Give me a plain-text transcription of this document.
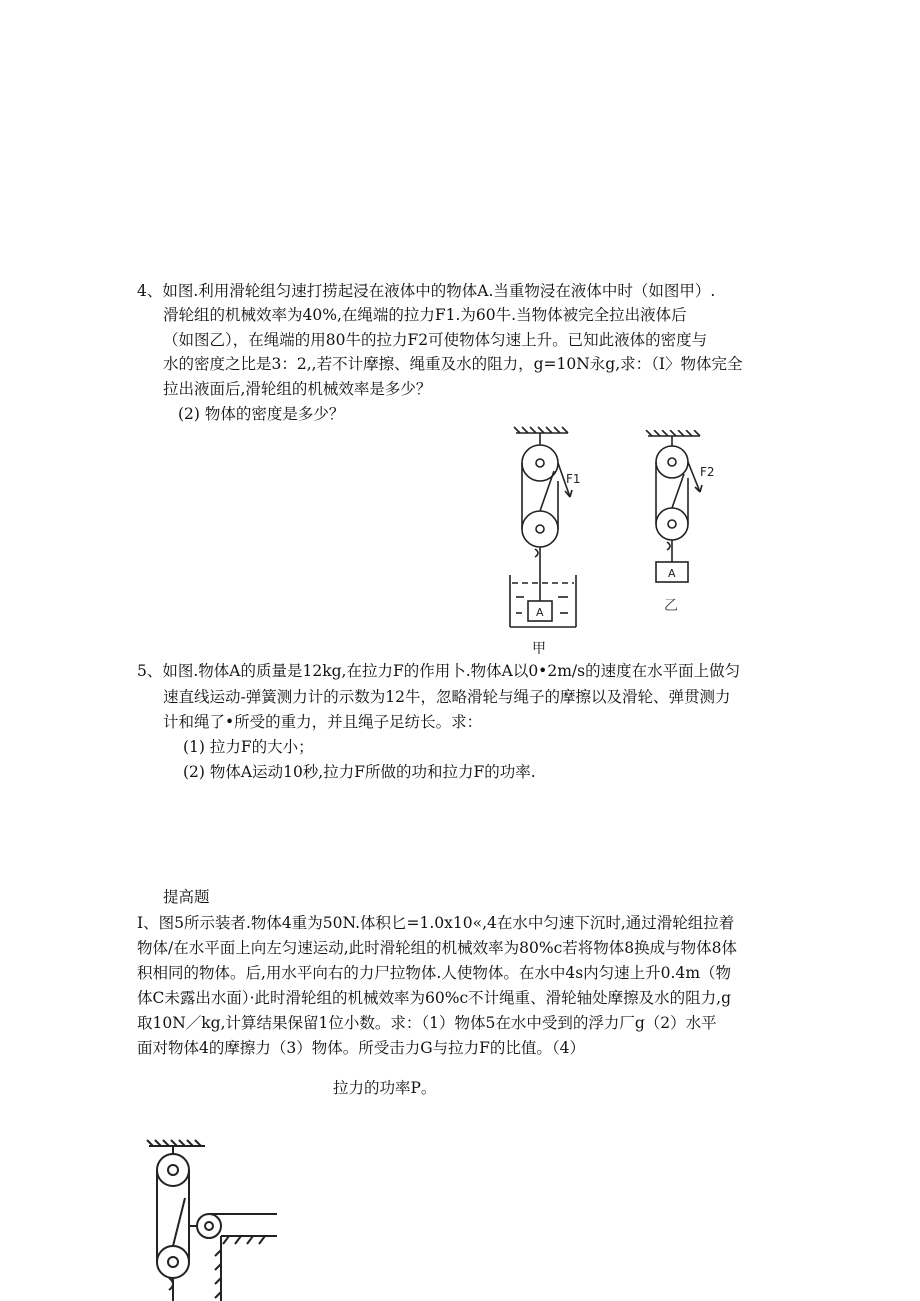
4、如图.利用滑轮组匀速打捞起浸在液体中的物体A.当重物浸在液体中时（如图甲）.
滑轮组的机械效率为40%,在绳端的拉力F1.为60牛.当物体被完全拉出液体后
（如图乙），在绳端的用80牛的拉力F2可使物体匀速上升。已知此液体的密度与
水的密度之比是3：2,,若不计摩擦、绳重及水的阻力，g=10N永g,求：（I〉物体完全
拉出液面后,滑轮组的机械效率是多少？
(2) 物体的密度是多少？
F1
A
甲
F2
A
乙
5、如图.物体A的质量是12kg,在拉力F的作用卜.物体A以0•2m/s的速度在水平面上做匀
速直线运动-弹簧测力计的示数为12牛，忽略滑轮与绳子的摩擦以及滑轮、弹贯测力
计和绳了•所受的重力，并且绳子足纺长。求：
(1) 拉力F的大小；
(2) 物体A运动10秒,拉力F所做的功和拉力F的功率.
提高题
I、图5所示装者.物体4重为50N.体积匕=1.0x10«,4在水中匀速下沉时,通过滑轮组拉着
物体/在水平面上向左匀速运动,此时滑轮组的机械效率为80%c若将物体8换成与物体8体
积相同的物体。后,用水平向右的力尸拉物体.人使物体。在水中4s内匀速上升0.4m（物
体C未露出水面）·此时滑轮组的机械效率为60%c不计绳重、滑轮轴处摩擦及水的阻力,g
取10N／kg,计算结果保留1位小数。求：（1）物体5在水中受到的浮力厂g（2）水平
面对物体4的摩擦力（3）物体。所受击力G与拉力F的比值。（4）
拉力的功率P。
